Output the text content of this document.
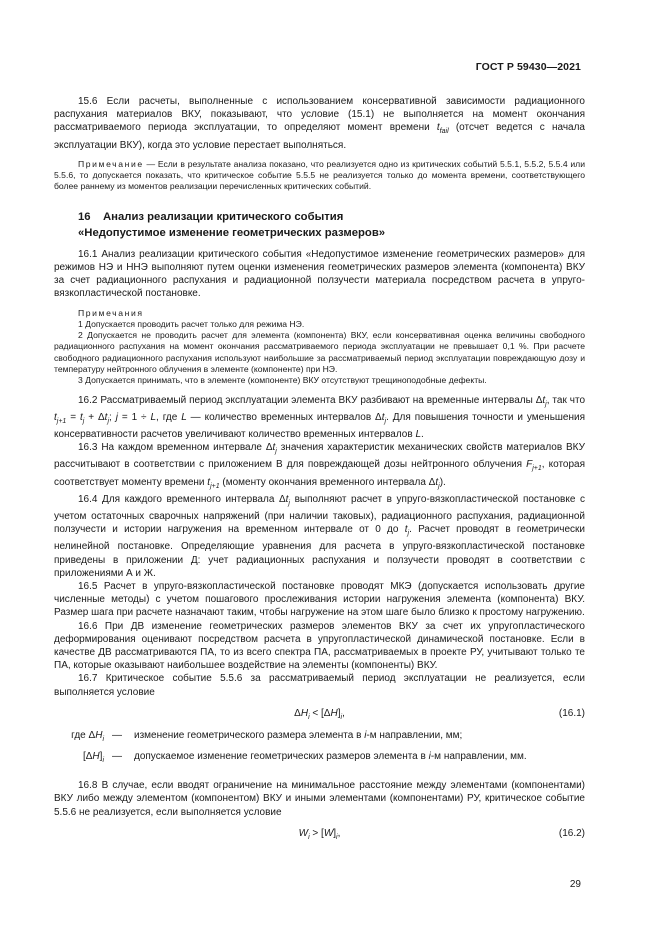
ГОСТ Р 59430—2021

15.6 Если расчеты, выполненные с использованием консервативной зависимости радиационного распухания материалов ВКУ, показывают, что условие (15.1) не выполняется на момент окончания рассматриваемого периода эксплуатации, то определяют момент времени $t_{fail}$ (отсчет ведется с начала эксплуатации ВКУ), когда это условие перестает выполняться.

Примечание — Если в результате анализа показано, что реализуется одно из критических событий 5.5.1, 5.5.2, 5.5.4 или 5.5.6, то допускается показать, что критическое событие 5.5.5 не реализуется только до момента времени, соответствующего более раннему из моментов реализации перечисленных критических событий.

16 Анализ реализации критического события
«Недопустимое изменение геометрических размеров»

16.1 Анализ реализации критического события «Недопустимое изменение геометрических размеров» для режимов НЭ и ННЭ выполняют путем оценки изменения геометрических размеров элемента (компонента) ВКУ за счет радиационного распухания и радиационной ползучести материала посредством расчета в упруго-вязкопластической постановке.

Примечания

1 Допускается проводить расчет только для режима НЭ.

2 Допускается не проводить расчет для элемента (компонента) ВКУ, если консервативная оценка величины свободного радиационного распухания на момент окончания рассматриваемого периода эксплуатации не превышает 0,1 %. При расчете свободного радиационного распухания используют наибольшие за рассматриваемый период эксплуатации повреждающую дозу и температуру нейтронного облучения в элементе (компоненте) при НЭ.

3 Допускается принимать, что в элементе (компоненте) ВКУ отсутствуют трещиноподобные дефекты.

16.2 Рассматриваемый период эксплуатации элемента ВКУ разбивают на временные интервалы $\Delta t_j$, так что $t_{j+1} = t_j + \Delta t_j$; j = 1 ÷ L, где L — количество временных интервалов $\Delta t_j$. Для повышения точности и уменьшения консервативности расчетов увеличивают количество временных интервалов L.

16.3 На каждом временном интервале $\Delta t_j$ значения характеристик механических свойств материалов ВКУ рассчитывают в соответствии с приложением В для повреждающей дозы нейтронного облучения $F_{j+1}$, которая соответствует моменту времени $t_{j+1}$ (моменту окончания временного интервала $\Delta t_j$).

16.4 Для каждого временного интервала $\Delta t_j$ выполняют расчет в упруго-вязкопластической постановке с учетом остаточных сварочных напряжений (при наличии таковых), радиационного распухания, радиационной ползучести и истории нагружения на временном интервале от 0 до $t_j$. Расчет проводят в геометрически нелинейной постановке. Определяющие уравнения для расчета в упруго-вязкопластической постановке приведены в приложении Д: учет радиационных распухания и ползучести проводят в соответствии с приложениями А и Ж.

16.5 Расчет в упруго-вязкопластической постановке проводят МКЭ (допускается использовать другие численные методы) с учетом пошагового прослеживания истории нагружения элемента (компонента) ВКУ. Размер шага при расчете назначают таким, чтобы нагружение на этом шаге было близко к простому нагружению.

16.6 При ДВ изменение геометрических размеров элементов ВКУ за счет их упругопластического деформирования оценивают посредством расчета в упругопластической динамической постановке. Если в качестве ДВ рассматриваются ПА, то из всего спектра ПА, рассматриваемых в проекте РУ, учитывают только те ПА, которые оказывают наибольшее воздействие на элементы (компоненты) ВКУ.

16.7 Критическое событие 5.5.6 за рассматриваемый период эксплуатации не реализуется, если выполняется условие

$\Delta H_i < [\Delta H]_i$,	(16.1)
где $\Delta H_i$ —	изменение геометрического размера элемента в i-м направлении, мм;
$[\Delta H]_i$ —	допускаемое изменение геометрических размеров элемента в i-м направлении, мм.

16.8 В случае, если вводят ограничение на минимальное расстояние между элементами (компонентами) ВКУ либо между элементом (компонентом) ВКУ и иными элементами (компонентами) РУ, критическое событие 5.5.6 не реализуется, если выполняется условие

$W_i > [W]_i$,	(16.2)
29
